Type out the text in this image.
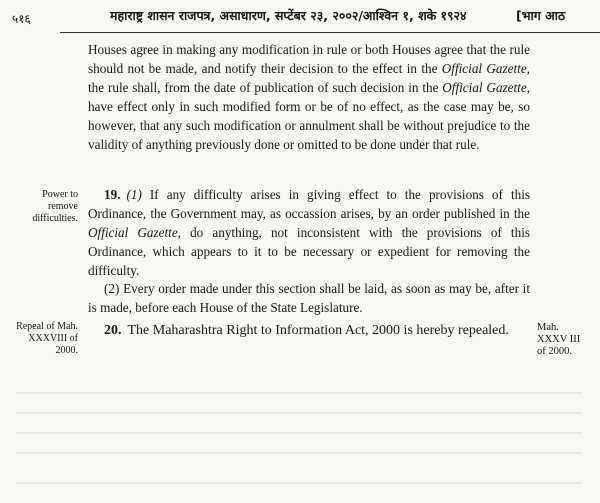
५१६	महाराष्ट्र शासन राजपत्र, असाधारण, सप्टेंबर २३, २००२/आश्विन १, शके १९२४	[भाग आठ

Houses agree in making any modification in rule or both Houses agree that the rule should not be made, and notify their decision to the effect in the Official Gazette, the rule shall, from the date of publication of such decision in the Official Gazette, have effect only in such modified form or be of no effect, as the case may be, so however, that any such modification or annulment shall be without prejudice to the validity of anything previously done or omitted to be done under that rule.

Power to remove difficulties.

19. (1) If any difficulty arises in giving effect to the provisions of this Ordinance, the Government may, as occassion arises, by an order published in the Official Gazette, do anything, not inconsistent with the provisions of this Ordinance, which appears to it to be necessary or expedient for removing the difficulty.

(2) Every order made under this section shall be laid, as soon as may be, after it is made, before each House of the State Legislature.

Repeal of Mah. XXXVIII of 2000.

20. The Maharashtra Right to Information Act, 2000 is hereby repealed.	Mah. XXXV III of 2000.
